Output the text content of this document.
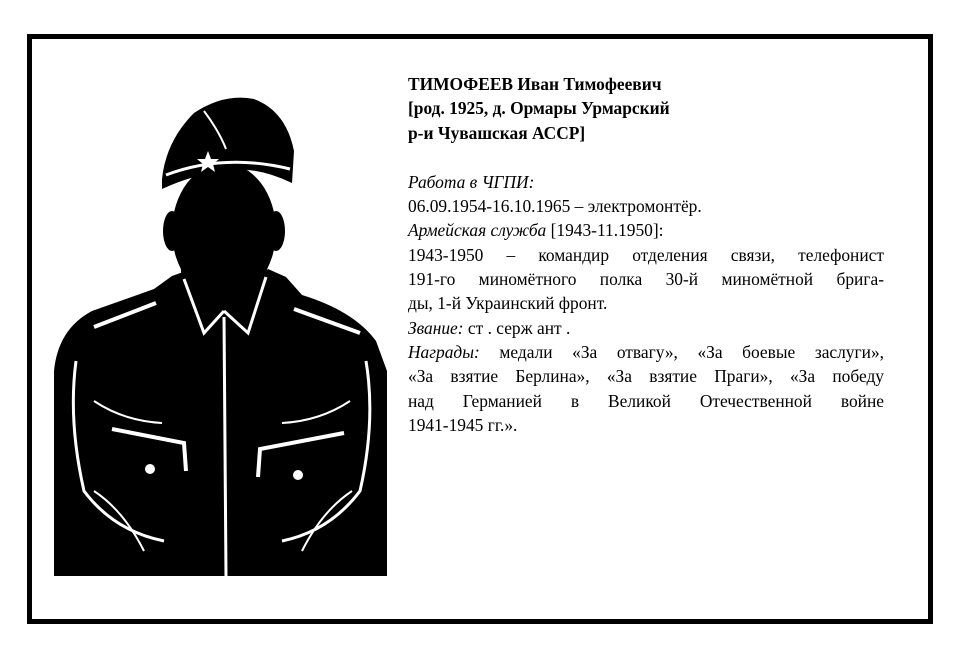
ТИМОФЕЕВ Иван Тимофеевич
[род. 1925, д. Ормары Урмарский
р-и Чувашская АССР]
Работа в ЧГПИ:
06.09.1954-16.10.1965 – электромонтёр.
Армейская служба [1943-11.1950]:
1943-1950 – командир отделения связи, телефонист
191-го миномётного полка 30-й миномётной брига-
ды, 1-й Украинский фронт.
Звание: ст . серж ант .
Награды: медали «За отвагу», «За боевые заслуги»,
«За взятие Берлина», «За взятие Праги», «За победу
над Германией в Великой Отечественной войне
1941-1945 гг.».
